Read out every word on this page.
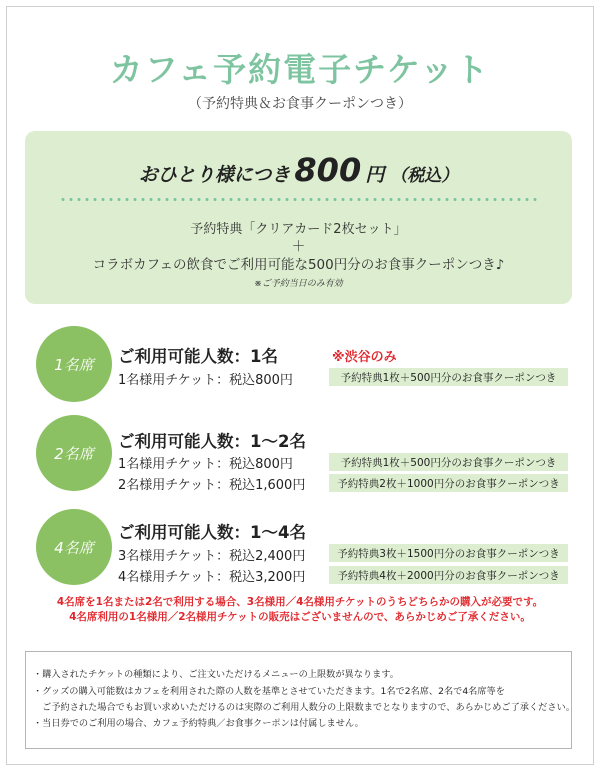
カフェ予約電子チケット
（予約特典＆お食事クーポンつき）
おひとり様につき 800 円 （税込）
予約特典「クリアカード2枚セット」
＋
コラボカフェの飲食でご利用可能な500円分のお食事クーポンつき♪
※ご予約当日のみ有効
1名席	ご利用可能人数：1名	※渋谷のみ
1名様用チケット：税込800円	予約特典1枚＋500円分のお食事クーポンつき
2名席
ご利用可能人数：1〜2名
1名様用チケット：税込800円	予約特典1枚＋500円分のお食事クーポンつき
2名様用チケット：税込1,600円	予約特典2枚＋1000円分のお食事クーポンつき
4名席
ご利用可能人数：1〜4名
3名様用チケット：税込2,400円	予約特典3枚＋1500円分のお食事クーポンつき
4名様用チケット：税込3,200円	予約特典4枚＋2000円分のお食事クーポンつき
4名席を1名または2名で利用する場合、3名様用／4名様用チケットのうちどちらかの購入が必要です。
4名席利用の1名様用／2名様用チケットの販売はございませんので、あらかじめご了承ください。
・購入されたチケットの種類により、ご注文いただけるメニューの上限数が異なります。
・グッズの購入可能数はカフェを利用された際の人数を基準とさせていただきます。1名で2名席、2名で4名席等を
　ご予約された場合でもお買い求めいただけるのは実際のご利用人数分の上限数までとなりますので、あらかじめご了承ください。
・当日券でのご利用の場合、カフェ予約特典／お食事クーポンは付属しません。
